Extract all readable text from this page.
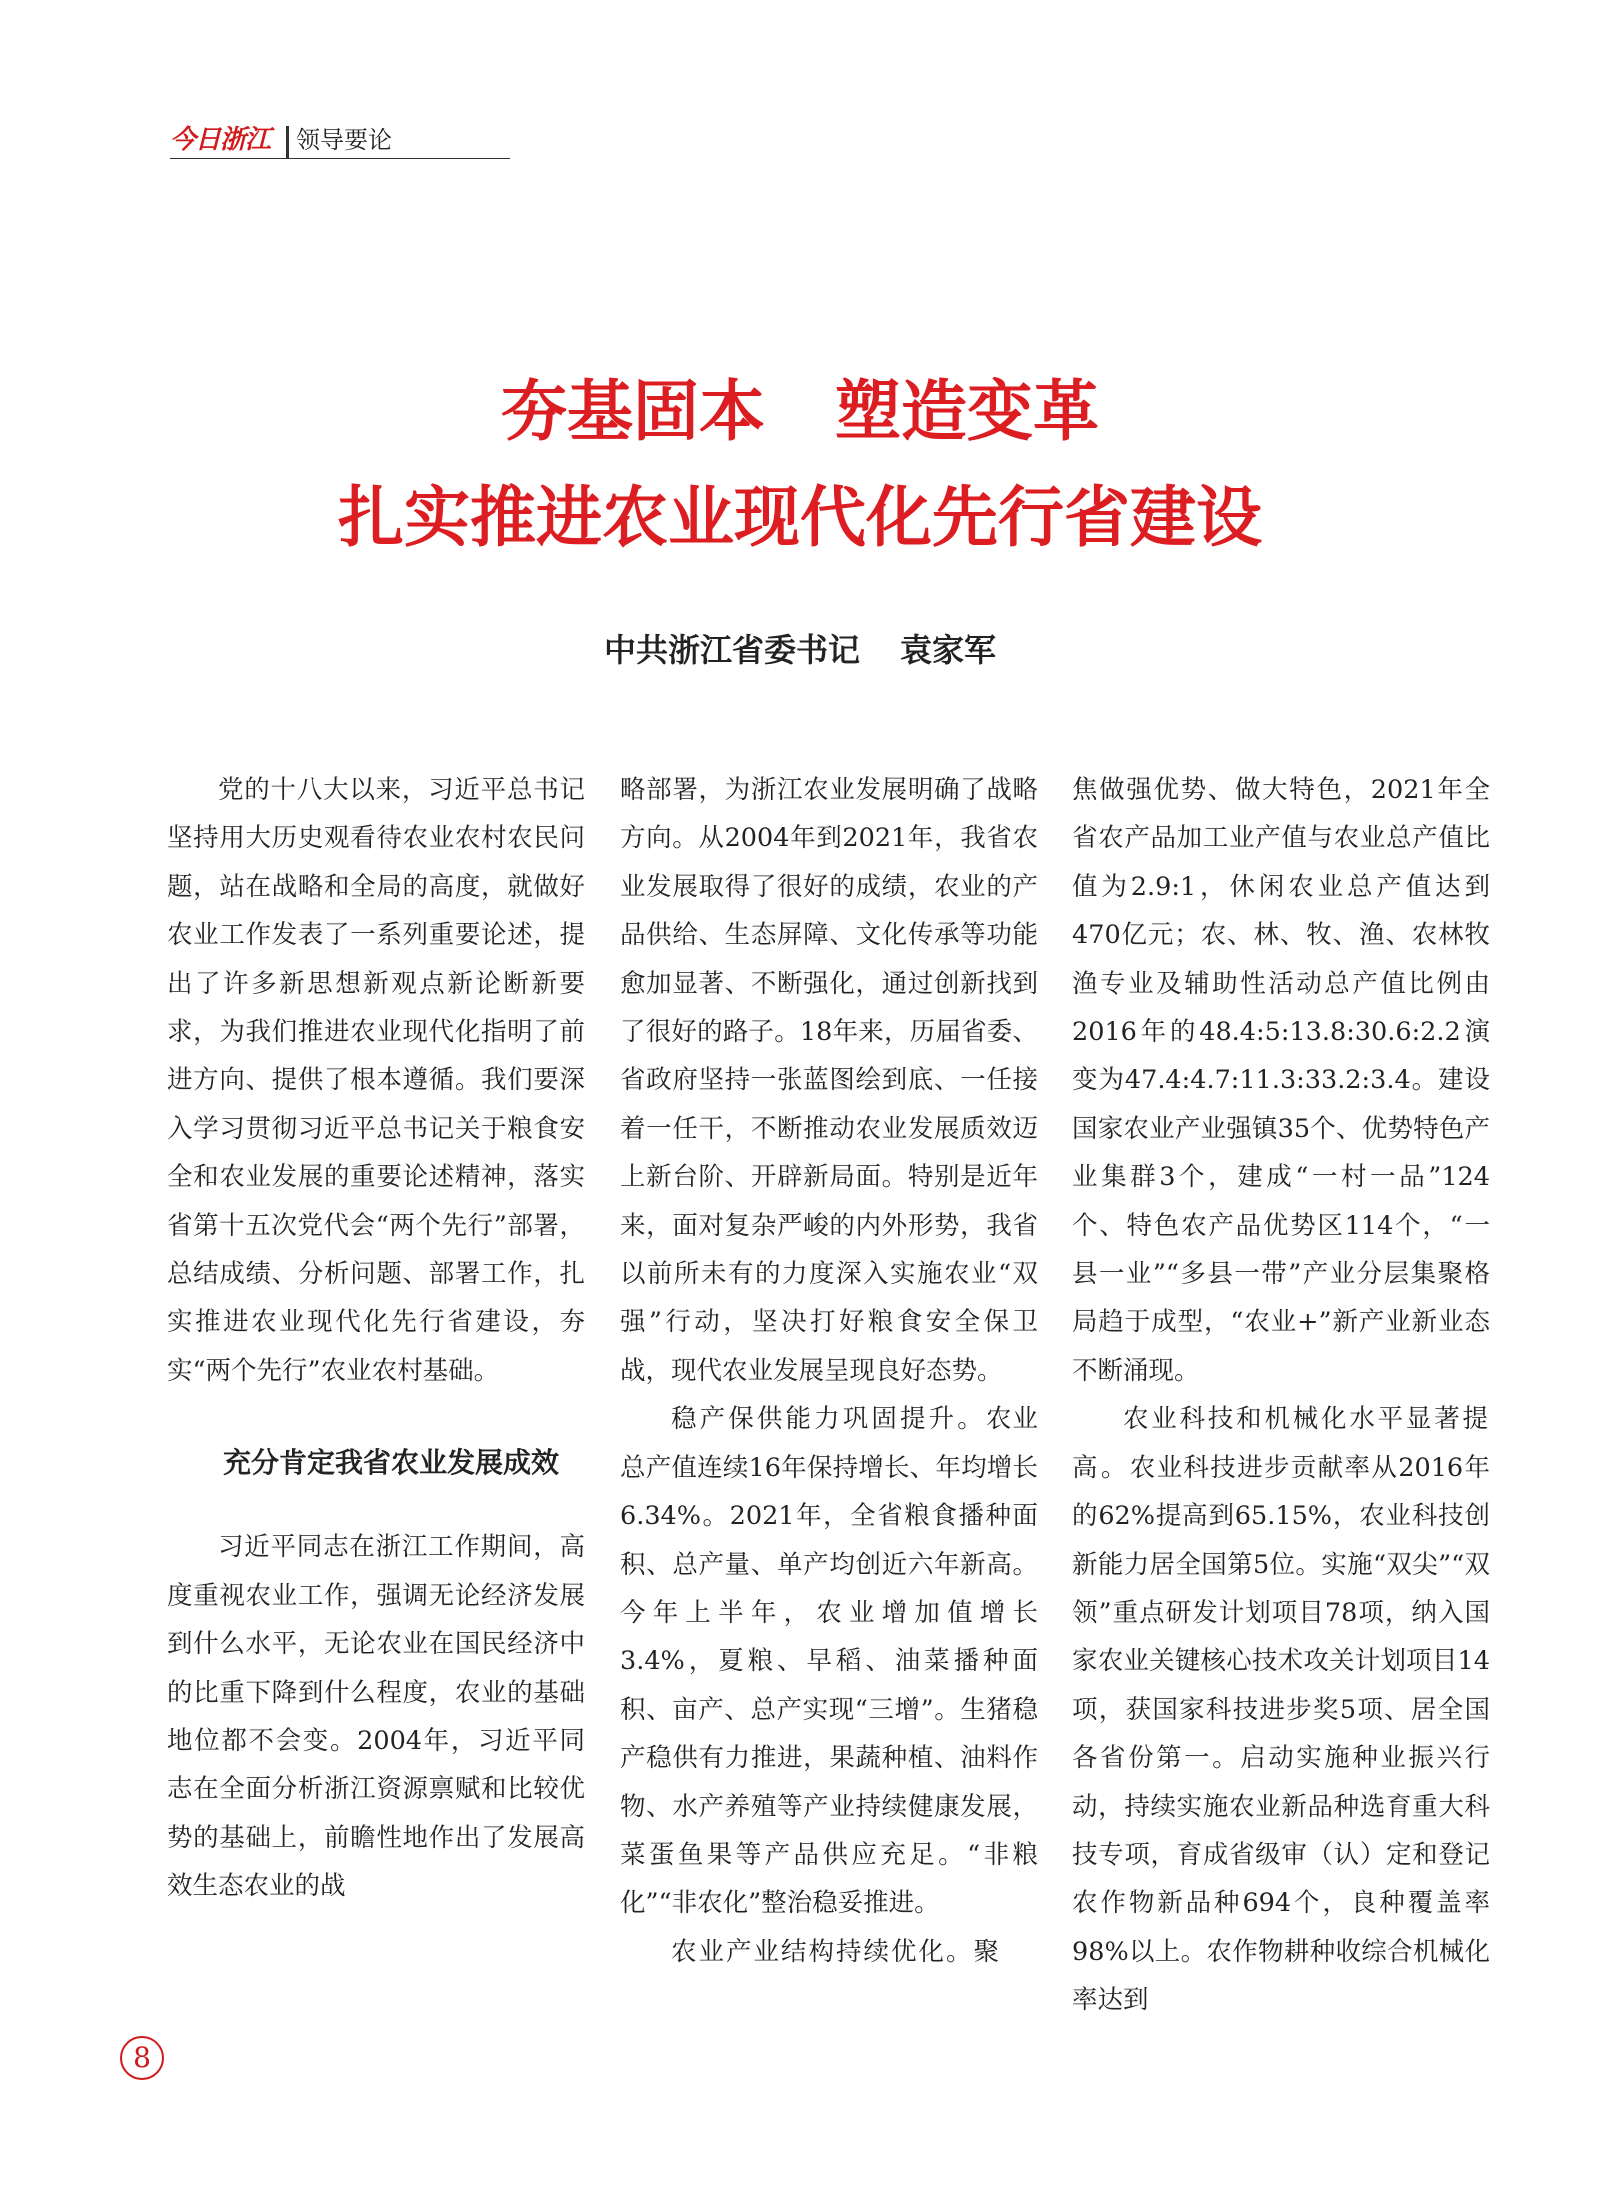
今日浙江 领导要论
夯基固本 塑造变革
扎实推进农业现代化先行省建设
中共浙江省委书记 袁家军

党的十八大以来，习近平总书记坚持用大历史观看待农业农村农民问题，站在战略和全局的高度，就做好农业工作发表了一系列重要论述，提出了许多新思想新观点新论断新要求，为我们推进农业现代化指明了前进方向、提供了根本遵循。我们要深入学习贯彻习近平总书记关于粮食安全和农业发展的重要论述精神，落实省第十五次党代会“两个先行”部署，总结成绩、分析问题、部署工作，扎实推进农业现代化先行省建设，夯实“两个先行”农业农村基础。

充分肯定我省农业发展成效

习近平同志在浙江工作期间，高度重视农业工作，强调无论经济发展到什么水平，无论农业在国民经济中的比重下降到什么程度，农业的基础地位都不会变。2004年，习近平同志在全面分析浙江资源禀赋和比较优势的基础上，前瞻性地作出了发展高效生态农业的战

略部署，为浙江农业发展明确了战略方向。从2004年到2021年，我省农业发展取得了很好的成绩，农业的产品供给、生态屏障、文化传承等功能愈加显著、不断强化，通过创新找到了很好的路子。18年来，历届省委、省政府坚持一张蓝图绘到底、一任接着一任干，不断推动农业发展质效迈上新台阶、开辟新局面。特别是近年来，面对复杂严峻的内外形势，我省以前所未有的力度深入实施农业“双强”行动，坚决打好粮食安全保卫战，现代农业发展呈现良好态势。

稳产保供能力巩固提升。农业总产值连续16年保持增长、年均增长6.34%。2021年，全省粮食播种面积、总产量、单产均创近六年新高。今年上半年，农业增加值增长3.4%，夏粮、早稻、油菜播种面积、亩产、总产实现“三增”。生猪稳产稳供有力推进，果蔬种植、油料作物、水产养殖等产业持续健康发展，菜蛋鱼果等产品供应充足。“非粮化”“非农化”整治稳妥推进。

农业产业结构持续优化。聚

焦做强优势、做大特色，2021年全省农产品加工业产值与农业总产值比值为2.9:1，休闲农业总产值达到470亿元；农、林、牧、渔、农林牧渔专业及辅助性活动总产值比例由2016年的48.4:5:13.8:30.6:2.2演变为47.4:4.7:11.3:33.2:3.4。建设国家农业产业强镇35个、优势特色产业集群3个，建成“一村一品”124个、特色农产品优势区114个，“一县一业”“多县一带”产业分层集聚格局趋于成型，“农业+”新产业新业态不断涌现。

农业科技和机械化水平显著提高。农业科技进步贡献率从2016年的62%提高到65.15%，农业科技创新能力居全国第5位。实施“双尖”“双领”重点研发计划项目78项，纳入国家农业关键核心技术攻关计划项目14项，获国家科技进步奖5项、居全国各省份第一。启动实施种业振兴行动，持续实施农业新品种选育重大科技专项，育成省级审（认）定和登记农作物新品种694个，良种覆盖率98%以上。农作物耕种收综合机械化率达到

8
